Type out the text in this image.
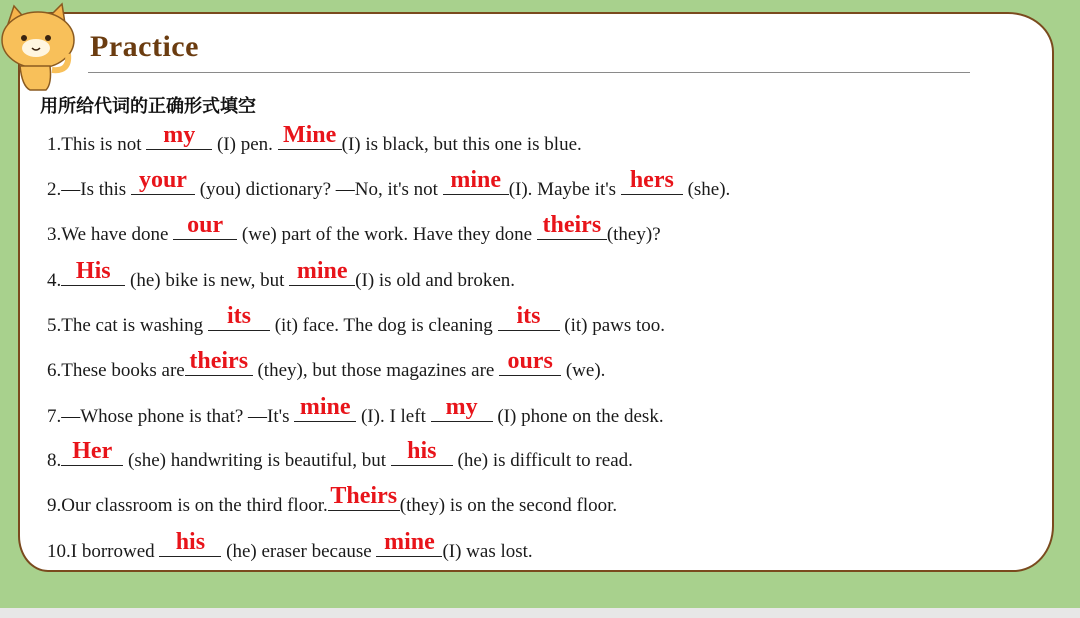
Practice
用所给代词的正确形式填空
1.This is not my (I) pen. Mine (I) is black, but this one is blue.
2.—Is this your (you) dictionary? —No, it's not mine (I). Maybe it's hers (she).
3.We have done our (we) part of the work. Have they done theirs (they)?
4. His (he) bike is new, but mine (I) is old and broken.
5.The cat is washing its	(it) face. The dog is cleaning its	(it) paws too.
6.These books are theirs (they), but those magazines are ours (we).
7.—Whose phone is that? —It's mine (I). I left my (I) phone on the desk.
8. Her (she) handwriting is beautiful, but his (he) is difficult to read.
9.Our classroom is on the third floor. Theirs (they) is on the second floor.
10.I borrowed his (he) eraser because mine (I) was lost.
